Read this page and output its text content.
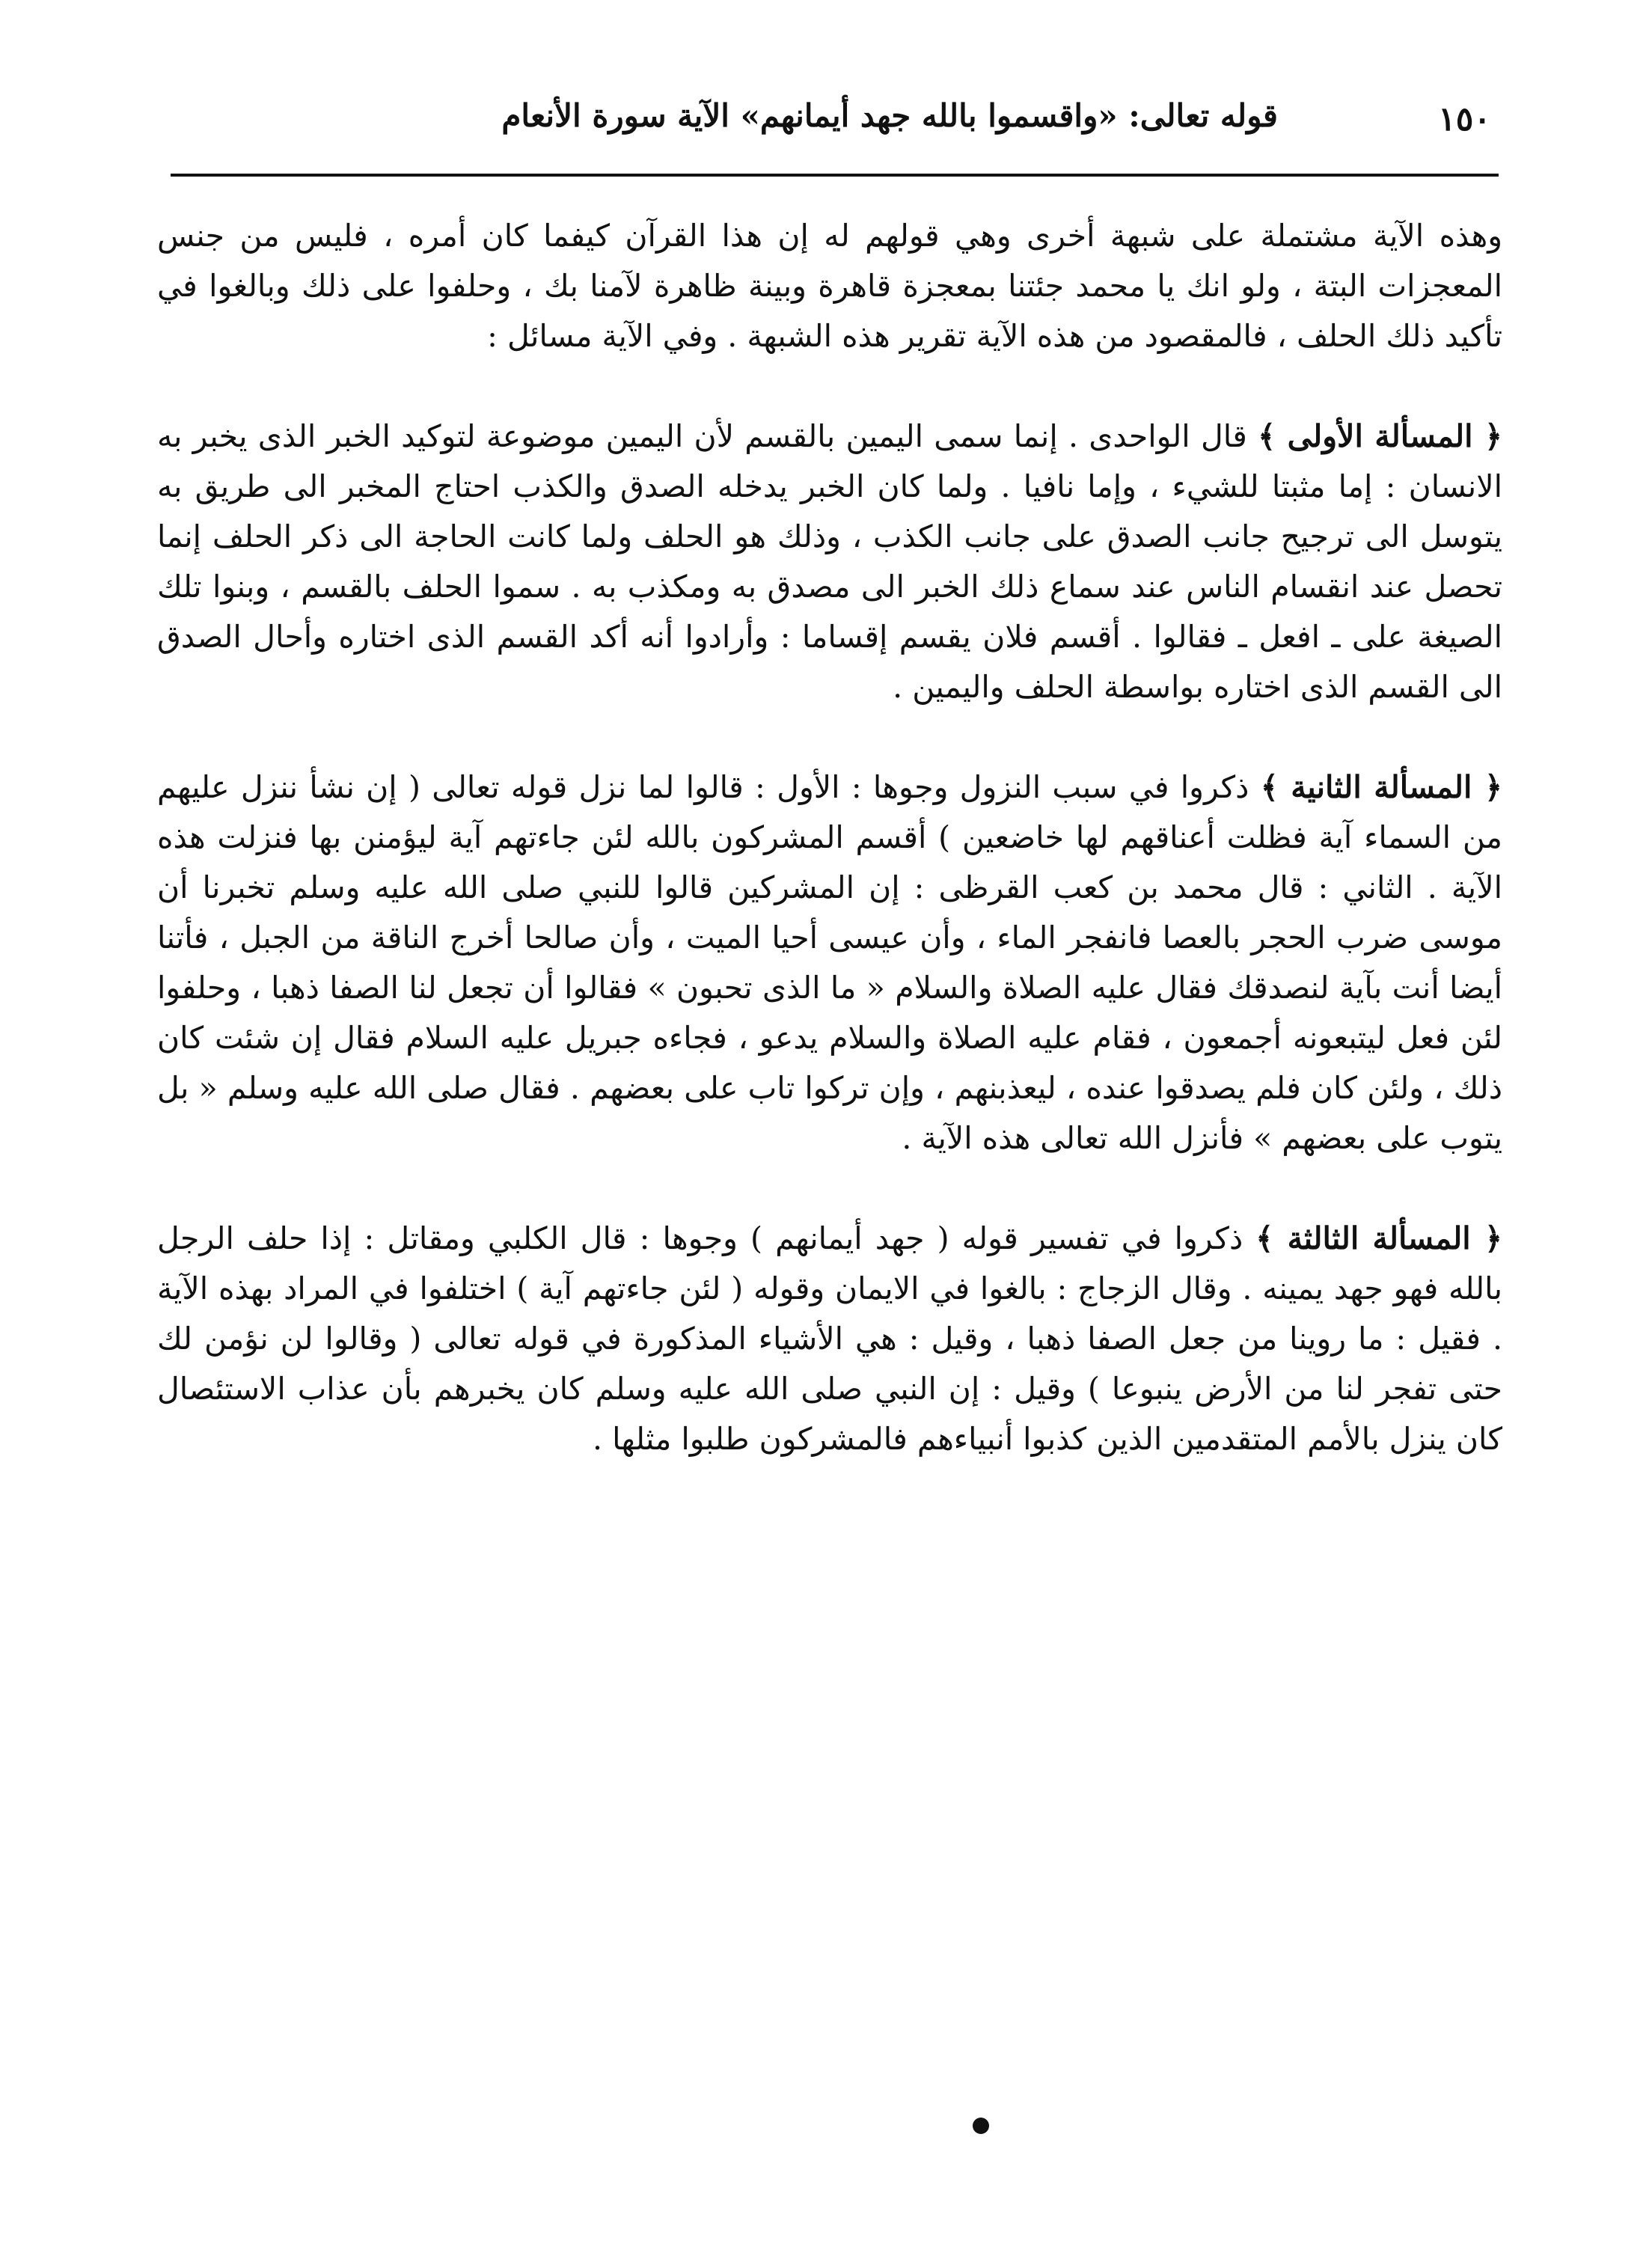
١٥٠
قوله تعالى: «واقسموا بالله جهد أيمانهم» الآية سورة الأنعام

وهذه الآية مشتملة على شبهة أخرى وهي قولهم له إن هذا القرآن كيفما كان أمره ، فليس من جنس المعجزات البتة ، ولو انك يا محمد جئتنا بمعجزة قاهرة وبينة ظاهرة لآمنا بك ، وحلفوا على ذلك وبالغوا في تأكيد ذلك الحلف ، فالمقصود من هذه الآية تقرير هذه الشبهة . وفي الآية مسائل :

﴿ المسألة الأولى ﴾ قال الواحدى . إنما سمى اليمين بالقسم لأن اليمين موضوعة لتوكيد الخبر الذى يخبر به الانسان : إما مثبتا للشيء ، وإما نافيا . ولما كان الخبر يدخله الصدق والكذب احتاج المخبر الى طريق به يتوسل الى ترجيح جانب الصدق على جانب الكذب ، وذلك هو الحلف ولما كانت الحاجة الى ذكر الحلف إنما تحصل عند انقسام الناس عند سماع ذلك الخبر الى مصدق به ومكذب به . سموا الحلف بالقسم ، وبنوا تلك الصيغة على ـ افعل ـ فقالوا . أقسم فلان يقسم إقساما : وأرادوا أنه أكد القسم الذى اختاره وأحال الصدق الى القسم الذى اختاره بواسطة الحلف واليمين .

﴿ المسألة الثانية ﴾ ذكروا في سبب النزول وجوها : الأول : قالوا لما نزل قوله تعالى ( إن نشأ ننزل عليهم من السماء آية فظلت أعناقهم لها خاضعين ) أقسم المشركون بالله لئن جاءتهم آية ليؤمنن بها فنزلت هذه الآية . الثاني : قال محمد بن كعب القرظى : إن المشركين قالوا للنبي صلى الله عليه وسلم تخبرنا أن موسى ضرب الحجر بالعصا فانفجر الماء ، وأن عيسى أحيا الميت ، وأن صالحا أخرج الناقة من الجبل ، فأتنا أيضا أنت بآية لنصدقك فقال عليه الصلاة والسلام « ما الذى تحبون » فقالوا أن تجعل لنا الصفا ذهبا ، وحلفوا لئن فعل ليتبعونه أجمعون ، فقام عليه الصلاة والسلام يدعو ، فجاءه جبريل عليه السلام فقال إن شئت كان ذلك ، ولئن كان فلم يصدقوا عنده ، ليعذبنهم ، وإن تركوا تاب على بعضهم . فقال صلى الله عليه وسلم « بل يتوب على بعضهم » فأنزل الله تعالى هذه الآية .

﴿ المسألة الثالثة ﴾ ذكروا في تفسير قوله ( جهد أيمانهم ) وجوها : قال الكلبي ومقاتل : إذا حلف الرجل بالله فهو جهد يمينه . وقال الزجاج : بالغوا في الايمان وقوله ( لئن جاءتهم آية ) اختلفوا في المراد بهذه الآية . فقيل : ما روينا من جعل الصفا ذهبا ، وقيل : هي الأشياء المذكورة في قوله تعالى ( وقالوا لن نؤمن لك حتى تفجر لنا من الأرض ينبوعا ) وقيل : إن النبي صلى الله عليه وسلم كان يخبرهم بأن عذاب الاستئصال كان ينزل بالأمم المتقدمين الذين كذبوا أنبياءهم فالمشركون طلبوا مثلها .
